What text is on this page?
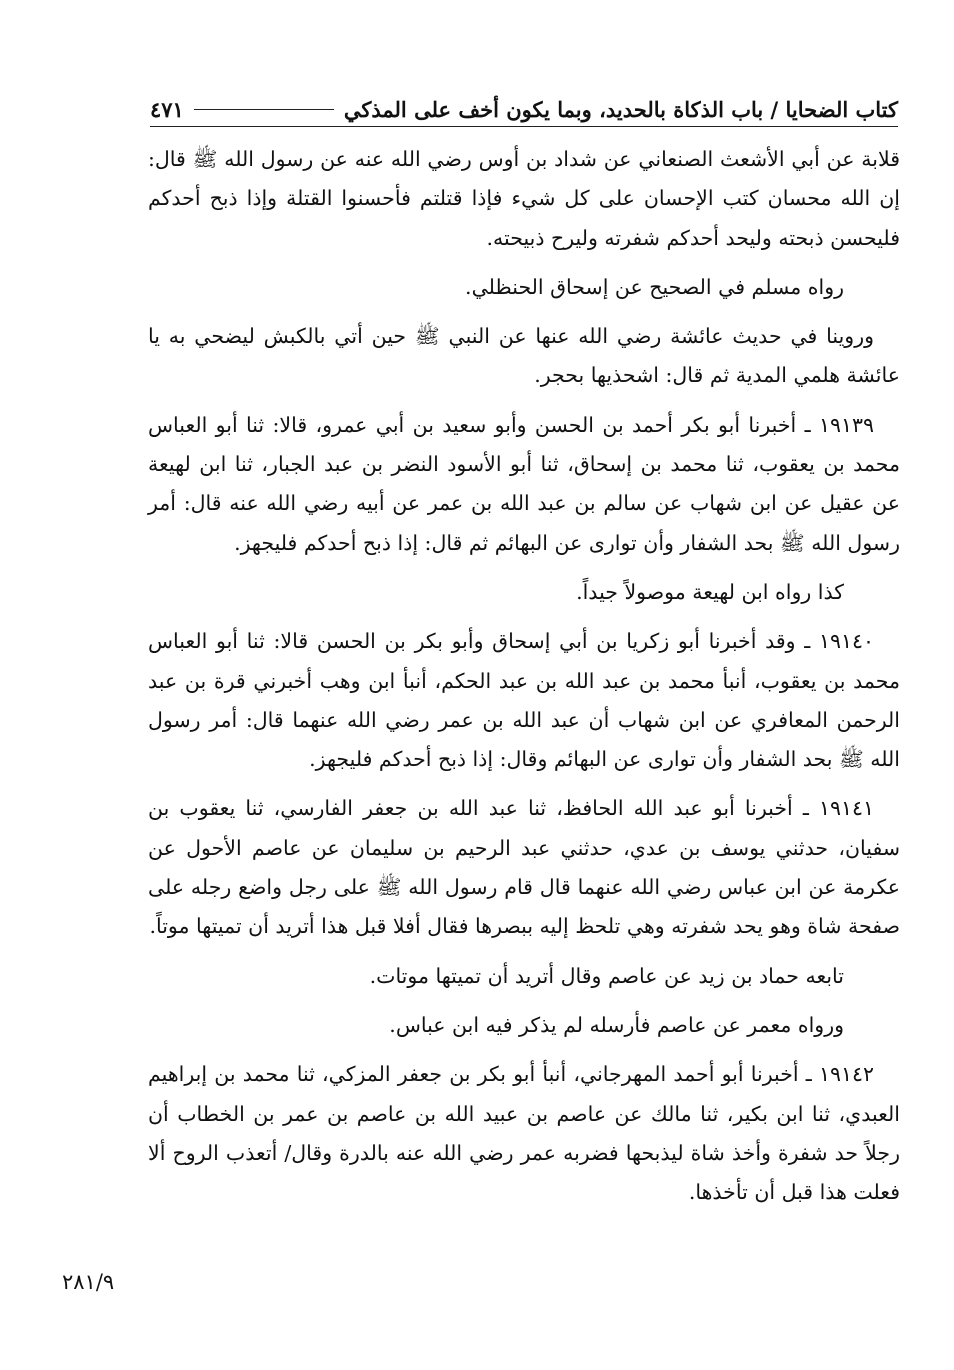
كتاب الضحايا / باب الذكاة بالحديد، وبما يكون أخف على المذكي
٤٧١

قلابة عن أبي الأشعث الصنعاني عن شداد بن أوس رضي الله عنه عن رسول الله ﷺ قال: إن الله محسان كتب الإحسان على كل شيء فإذا قتلتم فأحسنوا القتلة وإذا ذبح أحدكم فليحسن ذبحته وليحد أحدكم شفرته وليرح ذبيحته.

رواه مسلم في الصحيح عن إسحاق الحنظلي.

وروينا في حديث عائشة رضي الله عنها عن النبي ﷺ حين أتي بالكبش ليضحي به يا عائشة هلمي المدية ثم قال: اشحذيها بحجر.

١٩١٣٩ ـ أخبرنا أبو بكر أحمد بن الحسن وأبو سعيد بن أبي عمرو، قالا: ثنا أبو العباس محمد بن يعقوب، ثنا محمد بن إسحاق، ثنا أبو الأسود النضر بن عبد الجبار، ثنا ابن لهيعة عن عقيل عن ابن شهاب عن سالم بن عبد الله بن عمر عن أبيه رضي الله عنه قال: أمر رسول الله ﷺ بحد الشفار وأن توارى عن البهائم ثم قال: إذا ذبح أحدكم فليجهز.

كذا رواه ابن لهيعة موصولاً جيداً.

١٩١٤٠ ـ وقد أخبرنا أبو زكريا بن أبي إسحاق وأبو بكر بن الحسن قالا: ثنا أبو العباس محمد بن يعقوب، أنبأ محمد بن عبد الله بن عبد الحكم، أنبأ ابن وهب أخبرني قرة بن عبد الرحمن المعافري عن ابن شهاب أن عبد الله بن عمر رضي الله عنهما قال: أمر رسول الله ﷺ بحد الشفار وأن توارى عن البهائم وقال: إذا ذبح أحدكم فليجهز.

١٩١٤١ ـ أخبرنا أبو عبد الله الحافظ، ثنا عبد الله بن جعفر الفارسي، ثنا يعقوب بن سفيان، حدثني يوسف بن عدي، حدثني عبد الرحيم بن سليمان عن عاصم الأحول عن عكرمة عن ابن عباس رضي الله عنهما قال قام رسول الله ﷺ على رجل واضع رجله على صفحة شاة وهو يحد شفرته وهي تلحظ إليه ببصرها فقال أفلا قبل هذا أتريد أن تميتها موتاً.

تابعه حماد بن زيد عن عاصم وقال أتريد أن تميتها موتات.

ورواه معمر عن عاصم فأرسله لم يذكر فيه ابن عباس.

١٩١٤٢ ـ أخبرنا أبو أحمد المهرجاني، أنبأ أبو بكر بن جعفر المزكي، ثنا محمد بن إبراهيم العبدي، ثنا ابن بكير، ثنا مالك عن عاصم بن عبيد الله بن عاصم بن عمر بن الخطاب أن رجلاً حد شفرة وأخذ شاة ليذبحها فضربه عمر رضي الله عنه بالدرة وقال/ أتعذب الروح ألا فعلت هذا قبل أن تأخذها.

٢٨١/٩
